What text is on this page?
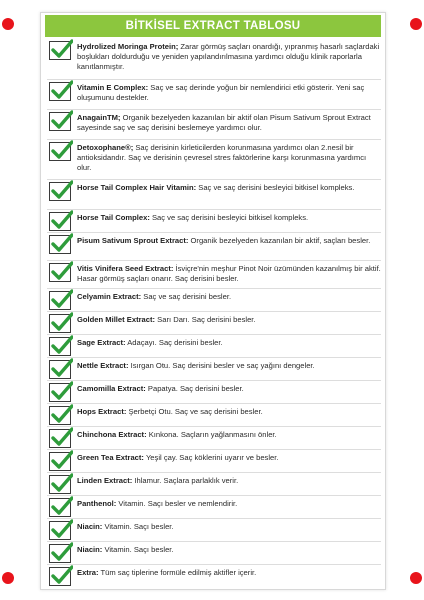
BİTKİSEL EXTRACT TABLOSU
Hydrolized Moringa Protein; Zarar görmüş saçları onardığı, yıpranmış hasarlı saçlardaki boşlukları doldurduğu ve yeniden yapılandırılmasına yardımcı olduğu klinik raporlarla kanıtlanmıştır.
Vitamin E Complex: Saç ve saç derinde yoğun bir nemlendirici etki gösterir. Yeni saç oluşumunu destekler.
AnagainTM; Organik bezelyeden kazanılan bir aktif olan Pisum Sativum Sprout Extract sayesinde saç ve saç derisini beslemeye yardımcı olur.
Detoxophane®; Saç derisinin kirleticilerden korunmasına yardımcı olan 2.nesil bir antioksidandır. Saç ve derisinin çevresel stres faktörlerine karşı korunmasına yardımcı olur.
Horse Tail Complex Hair Vitamin: Saç ve saç derisini besleyici bitkisel kompleks.
Horse Tail Complex: Saç ve saç derisini besleyici bitkisel kompleks.
Pisum Sativum Sprout Extract: Organik bezelyeden kazanılan bir aktif, saçları besler.
Vitis Vinifera Seed Extract: İsviçre'nin meşhur Pinot Noir üzümünden kazanılmış bir aktif. Hasar görmüş saçları onarır. Saç derisini besler.
Celyamin Extract: Saç ve saç derisini besler.
Golden Millet Extract: Sarı Darı. Saç derisini besler.
Sage Extract: Adaçayı. Saç derisini besler.
Nettle Extract: Isırgan Otu. Saç derisini besler ve saç yağını dengeler.
Camomilla Extract: Papatya. Saç derisini besler.
Hops Extract: Şerbetçi Otu. Saç ve saç derisini besler.
Chinchona Extract: Kınkona. Saçların yağlanmasını önler.
Green Tea Extract: Yeşil çay. Saç köklerini uyarır ve besler.
Linden Extract: Ihlamur. Saçlara parlaklık verir.
Panthenol: Vitamin. Saçı besler ve nemlendirir.
Niacin: Vitamin. Saçı besler.
Niacin: Vitamin. Saçı besler.
Extra: Tüm saç tiplerine formüle edilmiş aktifler içerir.
